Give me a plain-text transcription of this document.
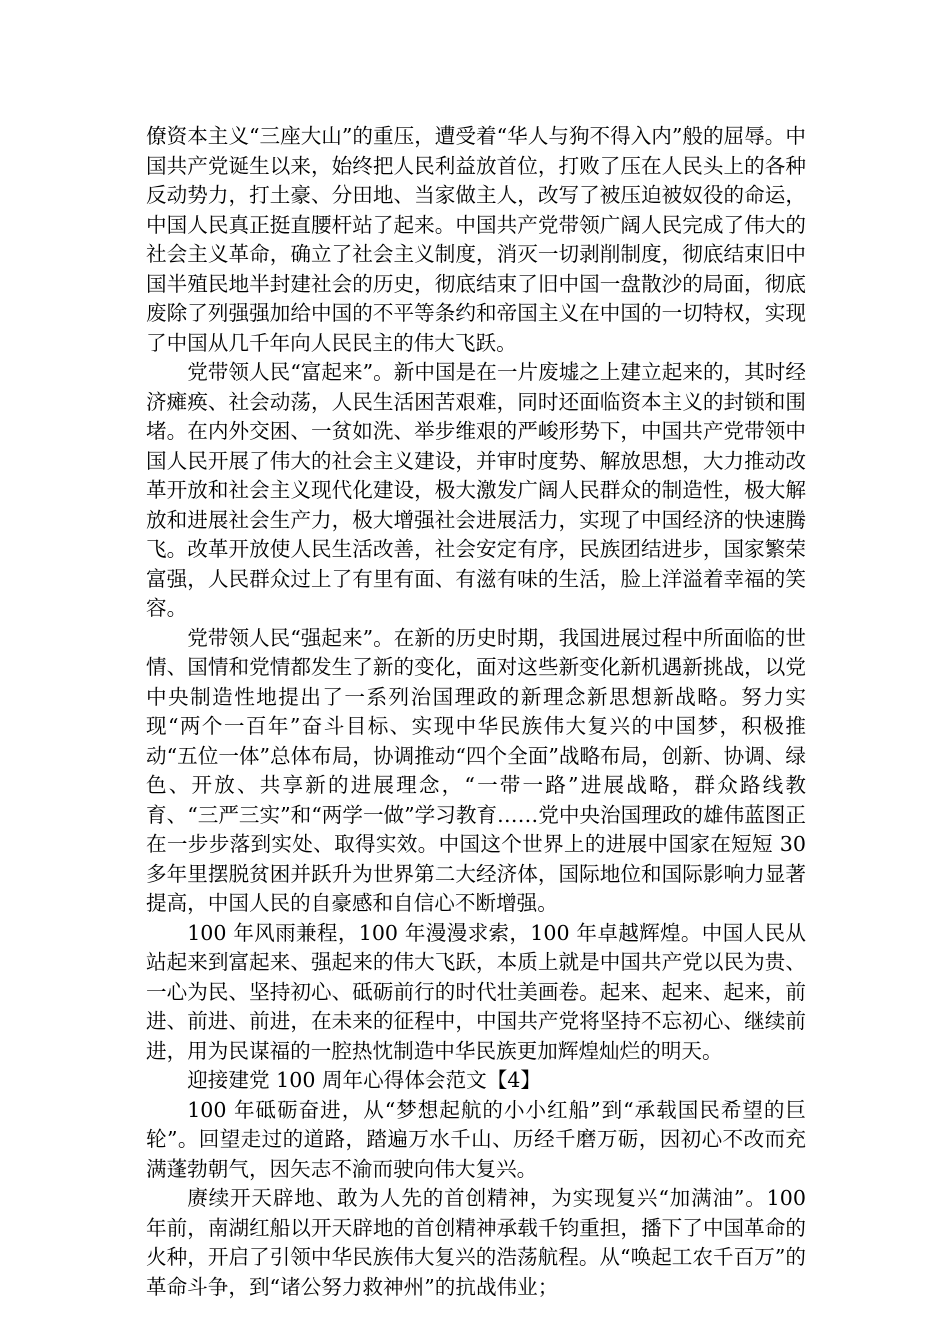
僚资本主义“三座大山”的重压，遭受着“华人与狗不得入内”般的屈辱。中国共产党诞生以来，始终把人民利益放首位，打败了压在人民头上的各种反动势力，打土豪、分田地、当家做主人，改写了被压迫被奴役的命运，中国人民真正挺直腰杆站了起来。中国共产党带领广阔人民完成了伟大的社会主义革命，确立了社会主义制度，消灭一切剥削制度，彻底结束旧中国半殖民地半封建社会的历史，彻底结束了旧中国一盘散沙的局面，彻底废除了列强强加给中国的不平等条约和帝国主义在中国的一切特权，实现了中国从几千年向人民民主的伟大飞跃。

党带领人民“富起来”。新中国是在一片废墟之上建立起来的，其时经济瘫痪、社会动荡，人民生活困苦艰难，同时还面临资本主义的封锁和围堵。在内外交困、一贫如洗、举步维艰的严峻形势下，中国共产党带领中国人民开展了伟大的社会主义建设，并审时度势、解放思想，大力推动改革开放和社会主义现代化建设，极大激发广阔人民群众的制造性，极大解放和进展社会生产力，极大增强社会进展活力，实现了中国经济的快速腾飞。改革开放使人民生活改善，社会安定有序，民族团结进步，国家繁荣富强，人民群众过上了有里有面、有滋有味的生活，脸上洋溢着幸福的笑容。

党带领人民“强起来”。在新的历史时期，我国进展过程中所面临的世情、国情和党情都发生了新的变化，面对这些新变化新机遇新挑战，以党中央制造性地提出了一系列治国理政的新理念新思想新战略。努力实现“两个一百年”奋斗目标、实现中华民族伟大复兴的中国梦，积极推动“五位一体”总体布局，协调推动“四个全面”战略布局，创新、协调、绿色、开放、共享新的进展理念，“一带一路”进展战略，群众路线教育、“三严三实”和“两学一做”学习教育……党中央治国理政的雄伟蓝图正在一步步落到实处、取得实效。中国这个世界上的进展中国家在短短 30 多年里摆脱贫困并跃升为世界第二大经济体，国际地位和国际影响力显著提高，中国人民的自豪感和自信心不断增强。

100 年风雨兼程，100 年漫漫求索，100 年卓越辉煌。中国人民从站起来到富起来、强起来的伟大飞跃，本质上就是中国共产党以民为贵、一心为民、坚持初心、砥砺前行的时代壮美画卷。起来、起来、起来，前进、前进、前进，在未来的征程中，中国共产党将坚持不忘初心、继续前进，用为民谋福的一腔热忱制造中华民族更加辉煌灿烂的明天。

迎接建党 100 周年心得体会范文【4】

100 年砥砺奋进，从“梦想起航的小小红船”到“承载国民希望的巨轮”。回望走过的道路，踏遍万水千山、历经千磨万砺，因初心不改而充满蓬勃朝气，因矢志不渝而驶向伟大复兴。

赓续开天辟地、敢为人先的首创精神，为实现复兴“加满油”。100 年前，南湖红船以开天辟地的首创精神承载千钧重担，播下了中国革命的火种，开启了引领中华民族伟大复兴的浩荡航程。从“唤起工农千百万”的革命斗争，到“诸公努力救神州”的抗战伟业；
